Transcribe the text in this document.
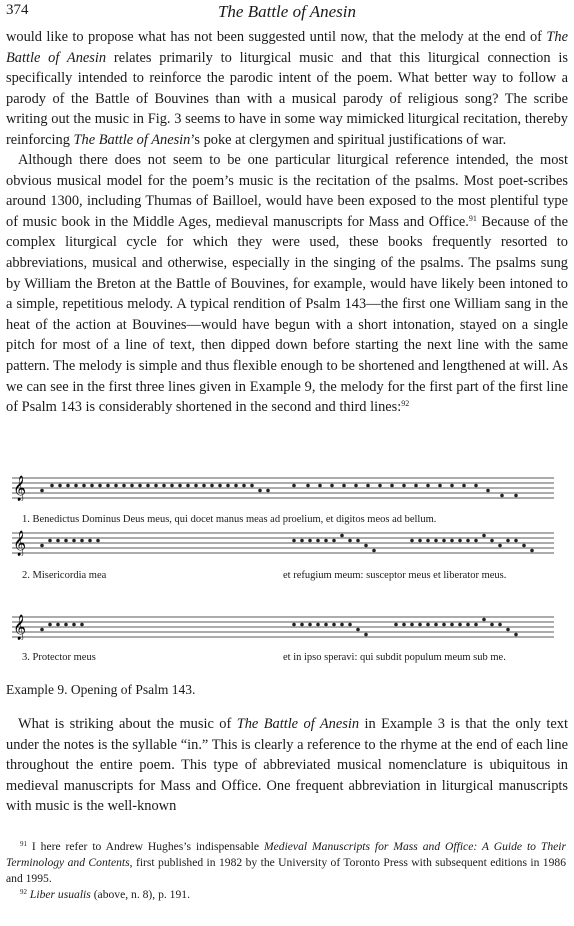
374	The Battle of Anesin

would like to propose what has not been suggested until now, that the melody at the end of The Battle of Anesin relates primarily to liturgical music and that this liturgical connection is specifically intended to reinforce the parodic intent of the poem. What better way to follow a parody of the Battle of Bouvines than with a musical parody of religious song? The scribe writing out the music in Fig. 3 seems to have in some way mimicked liturgical recitation, thereby reinforcing The Battle of Anesin’s poke at clergymen and spiritual justifications of war.

Although there does not seem to be one particular liturgical reference intended, the most obvious musical model for the poem’s music is the recitation of the psalms. Most poet-scribes around 1300, including Thumas of Bailloel, would have been exposed to the most plentiful type of music book in the Middle Ages, medieval manuscripts for Mass and Office.$^{91}$ Because of the complex liturgical cycle for which they were used, these books frequently resorted to abbreviations, musical and otherwise, especially in the singing of the psalms. The psalms sung by William the Breton at the Battle of Bouvines, for example, would have likely been intoned to a simple, repetitious melody. A typical rendition of Psalm 143—the first one William sang in the heat of the action at Bouvines—would have begun with a short intonation, stayed on a single pitch for most of a line of text, then dipped down before starting the next line with the same pattern. The melody is simple and thus flexible enough to be shortened and lengthened at will. As we can see in the first three lines given in Example 9, the melody for the first part of the first line of Psalm 143 is considerably shortened in the second and third lines:$^{92}$

𝄞
1. Benedictus Dominus Deus meus, qui docet manus meas ad proelium, et digitos meos ad bellum.
𝄞
2. Misericordia mea	et refugium meum: susceptor meus et liberator meus.
𝄞
3. Protector meus	et in ipso speravi: qui subdit populum meum sub me.
Example 9. Opening of Psalm 143.

What is striking about the music of The Battle of Anesin in Example 3 is that the only text under the notes is the syllable “in.” This is clearly a reference to the rhyme at the end of each line throughout the entire poem. This type of abbreviated musical nomenclature is ubiquitous in medieval manuscripts for Mass and Office. One frequent abbreviation in liturgical manuscripts with music is the well-known

$^{91}$ I here refer to Andrew Hughes’s indispensable Medieval Manuscripts for Mass and Office: A Guide to Their Terminology and Contents, first published in 1982 by the University of Toronto Press with subsequent editions in 1986 and 1995.

$^{92}$ Liber usualis (above, n. 8), p. 191.
